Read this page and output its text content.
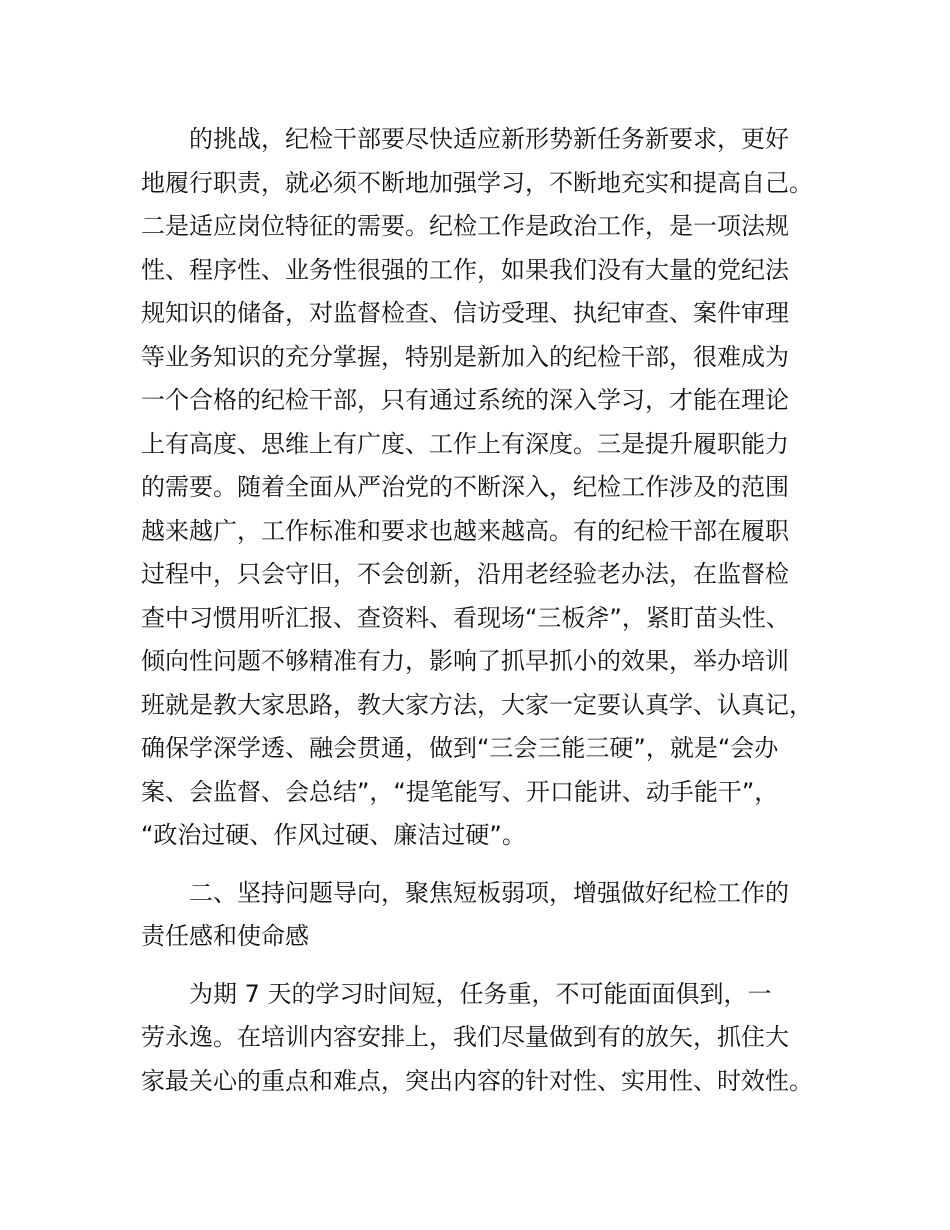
的挑战，纪检干部要尽快适应新形势新任务新要求，更好
地履行职责，就必须不断地加强学习，不断地充实和提高自己。
二是适应岗位特征的需要。纪检工作是政治工作，是一项法规
性、程序性、业务性很强的工作，如果我们没有大量的党纪法
规知识的储备，对监督检查、信访受理、执纪审查、案件审理
等业务知识的充分掌握，特别是新加入的纪检干部，很难成为
一个合格的纪检干部，只有通过系统的深入学习，才能在理论
上有高度、思维上有广度、工作上有深度。三是提升履职能力
的需要。随着全面从严治党的不断深入，纪检工作涉及的范围
越来越广，工作标准和要求也越来越高。有的纪检干部在履职
过程中，只会守旧，不会创新，沿用老经验老办法，在监督检
查中习惯用听汇报、查资料、看现场“三板斧”，紧盯苗头性、
倾向性问题不够精准有力，影响了抓早抓小的效果，举办培训
班就是教大家思路，教大家方法，大家一定要认真学、认真记，
确保学深学透、融会贯通，做到“三会三能三硬”，就是“会办
案、会监督、会总结”，“提笔能写、开口能讲、动手能干”，
“政治过硬、作风过硬、廉洁过硬”。
二、坚持问题导向，聚焦短板弱项，增强做好纪检工作的
责任感和使命感
为期 7 天的学习时间短，任务重，不可能面面俱到，一
劳永逸。在培训内容安排上，我们尽量做到有的放矢，抓住大
家最关心的重点和难点，突出内容的针对性、实用性、时效性。
